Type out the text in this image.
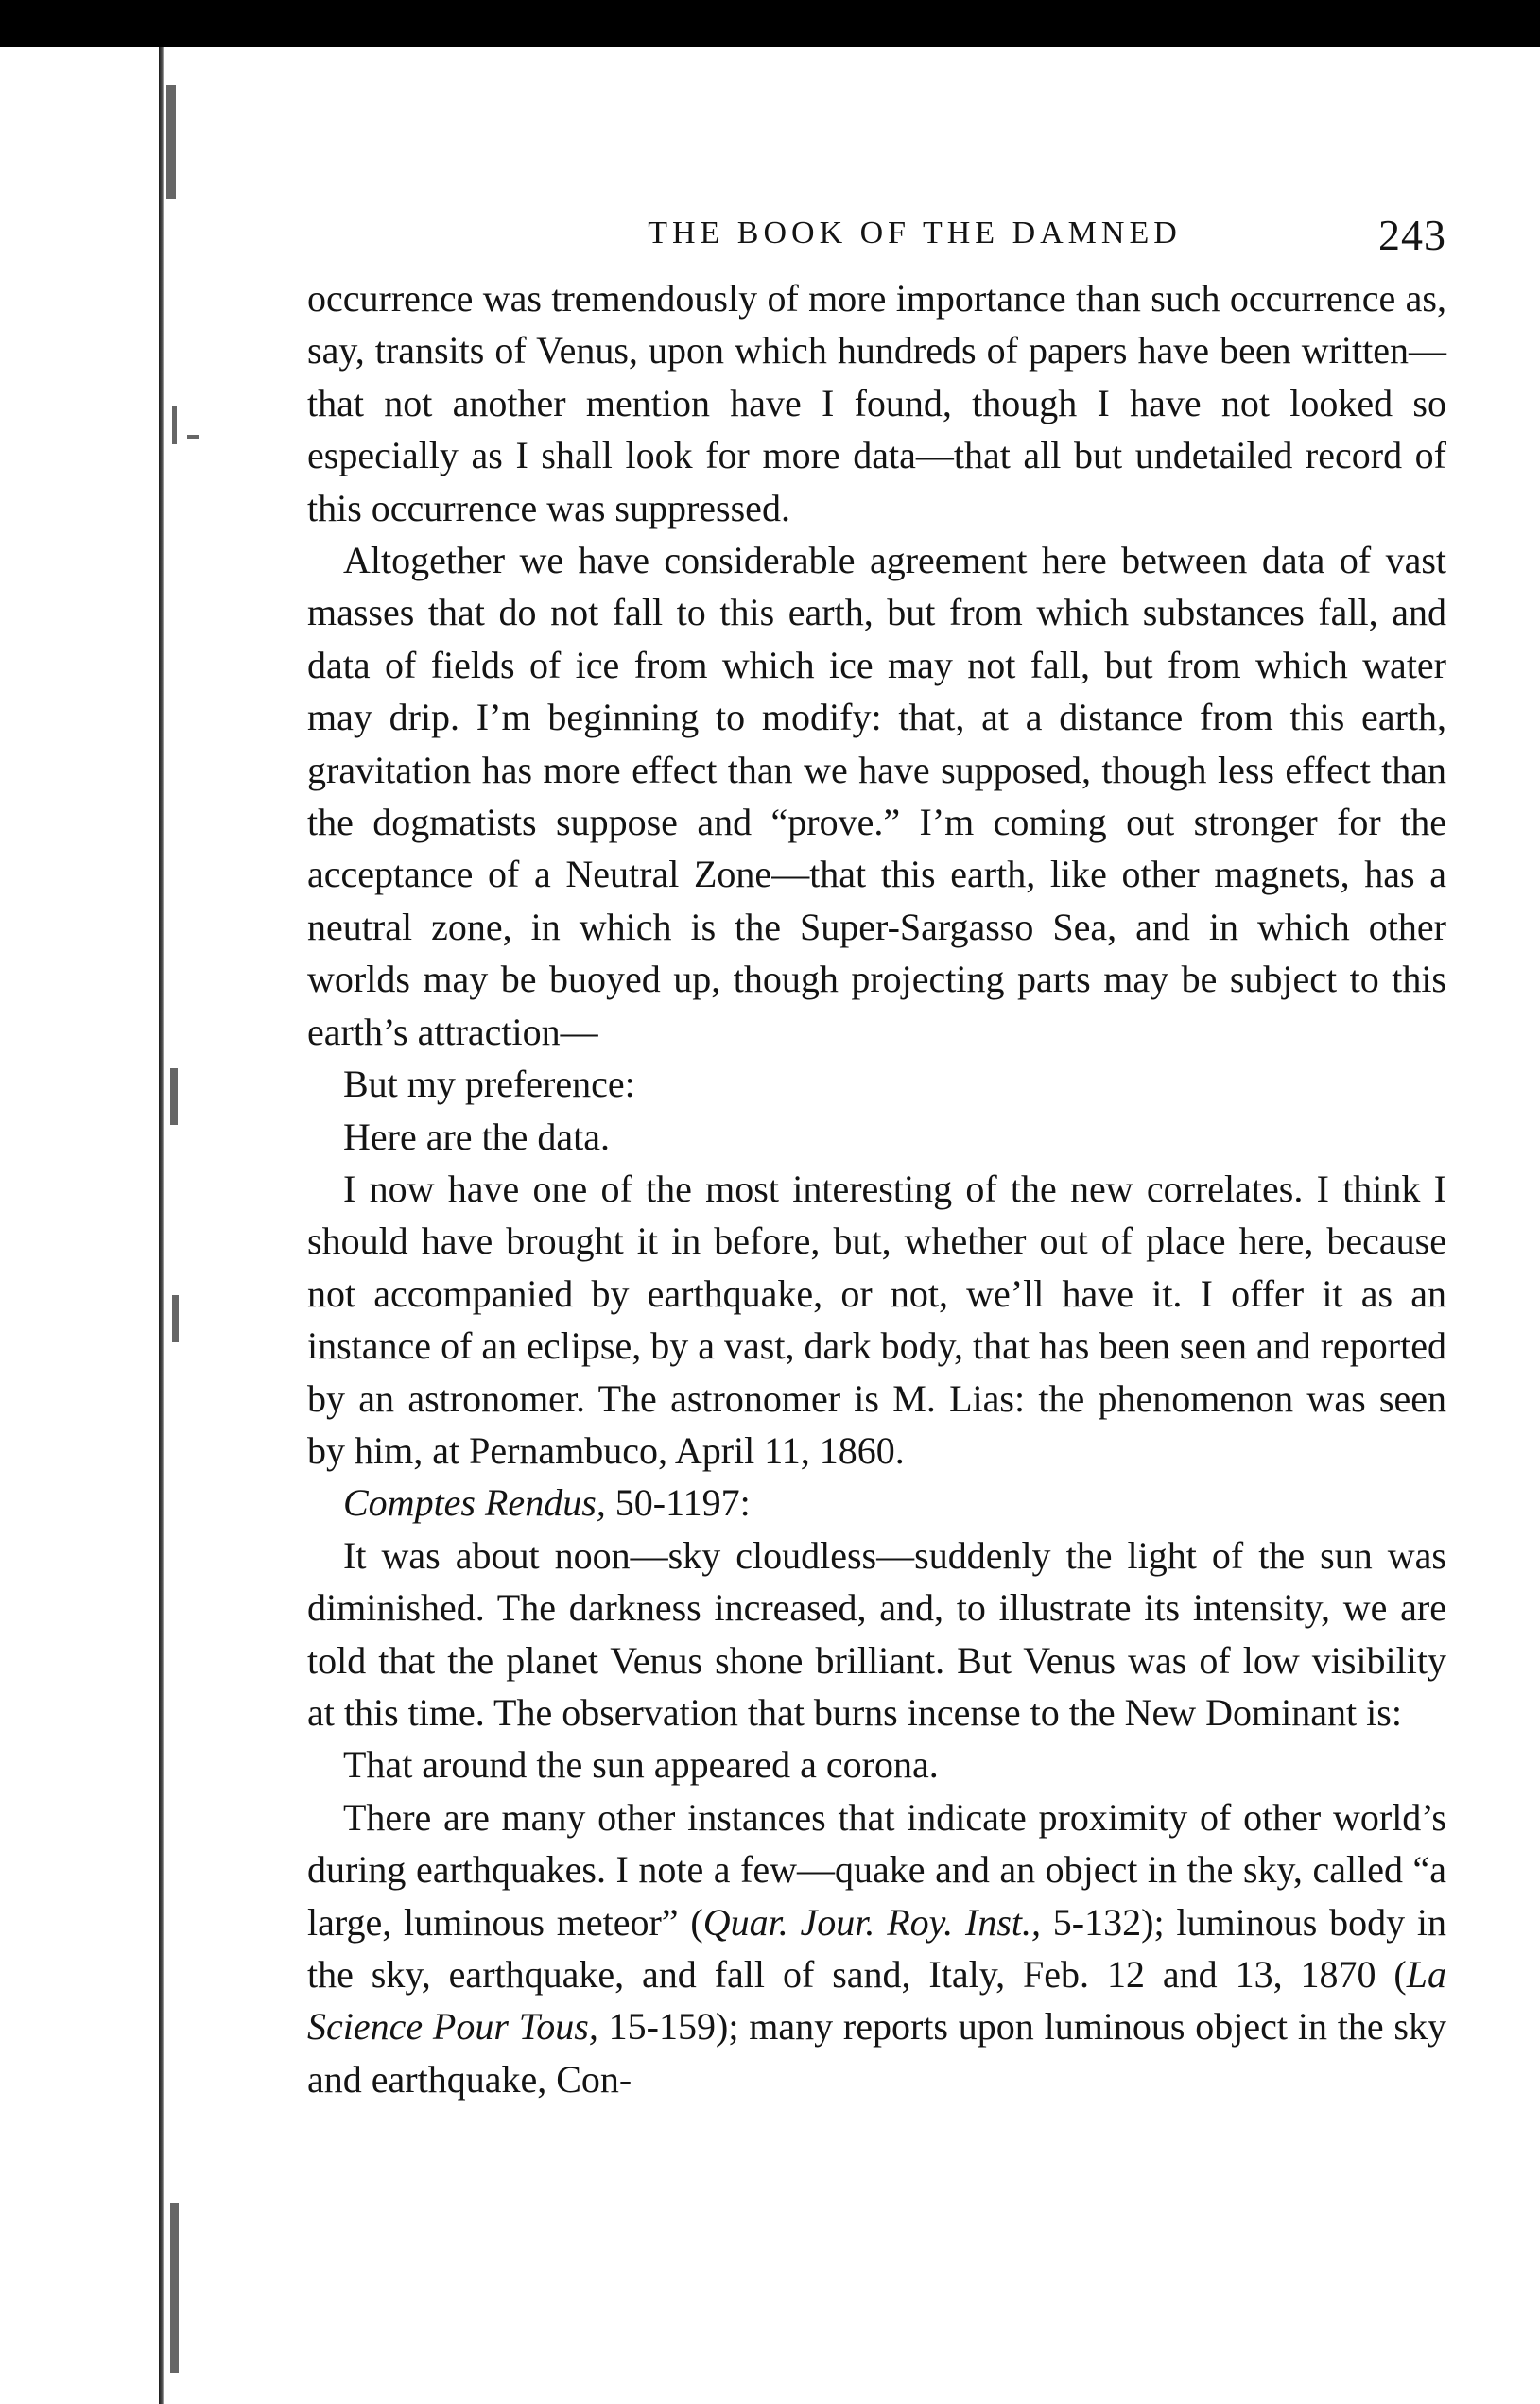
THE BOOK OF THE DAMNED	243

occurrence was tremendously of more importance than such occurrence as, say, transits of Venus, upon which hundreds of papers have been written—that not another mention have I found, though I have not looked so especially as I shall look for more data—that all but undetailed record of this occurrence was suppressed.

Altogether we have considerable agreement here between data of vast masses that do not fall to this earth, but from which substances fall, and data of fields of ice from which ice may not fall, but from which water may drip. I’m beginning to modify: that, at a distance from this earth, gravitation has more effect than we have supposed, though less effect than the dogmatists suppose and “prove.” I’m coming out stronger for the acceptance of a Neutral Zone—that this earth, like other magnets, has a neutral zone, in which is the Super-Sargasso Sea, and in which other worlds may be buoyed up, though projecting parts may be subject to this earth’s attraction—

But my preference:

Here are the data.

I now have one of the most interesting of the new correlates. I think I should have brought it in before, but, whether out of place here, because not accompanied by earthquake, or not, we’ll have it. I offer it as an instance of an eclipse, by a vast, dark body, that has been seen and reported by an astronomer. The astronomer is M. Lias: the phenomenon was seen by him, at Pernambuco, April 11, 1860.

Comptes Rendus, 50-1197:

It was about noon—sky cloudless—suddenly the light of the sun was diminished. The darkness increased, and, to illustrate its intensity, we are told that the planet Venus shone brilliant. But Venus was of low visibility at this time. The observation that burns incense to the New Dominant is:

That around the sun appeared a corona.

There are many other instances that indicate proximity of other world’s during earthquakes. I note a few—quake and an object in the sky, called “a large, luminous meteor” (Quar. Jour. Roy. Inst., 5-132); luminous body in the sky, earthquake, and fall of sand, Italy, Feb. 12 and 13, 1870 (La Science Pour Tous, 15-159); many reports upon luminous object in the sky and earthquake, Con-
